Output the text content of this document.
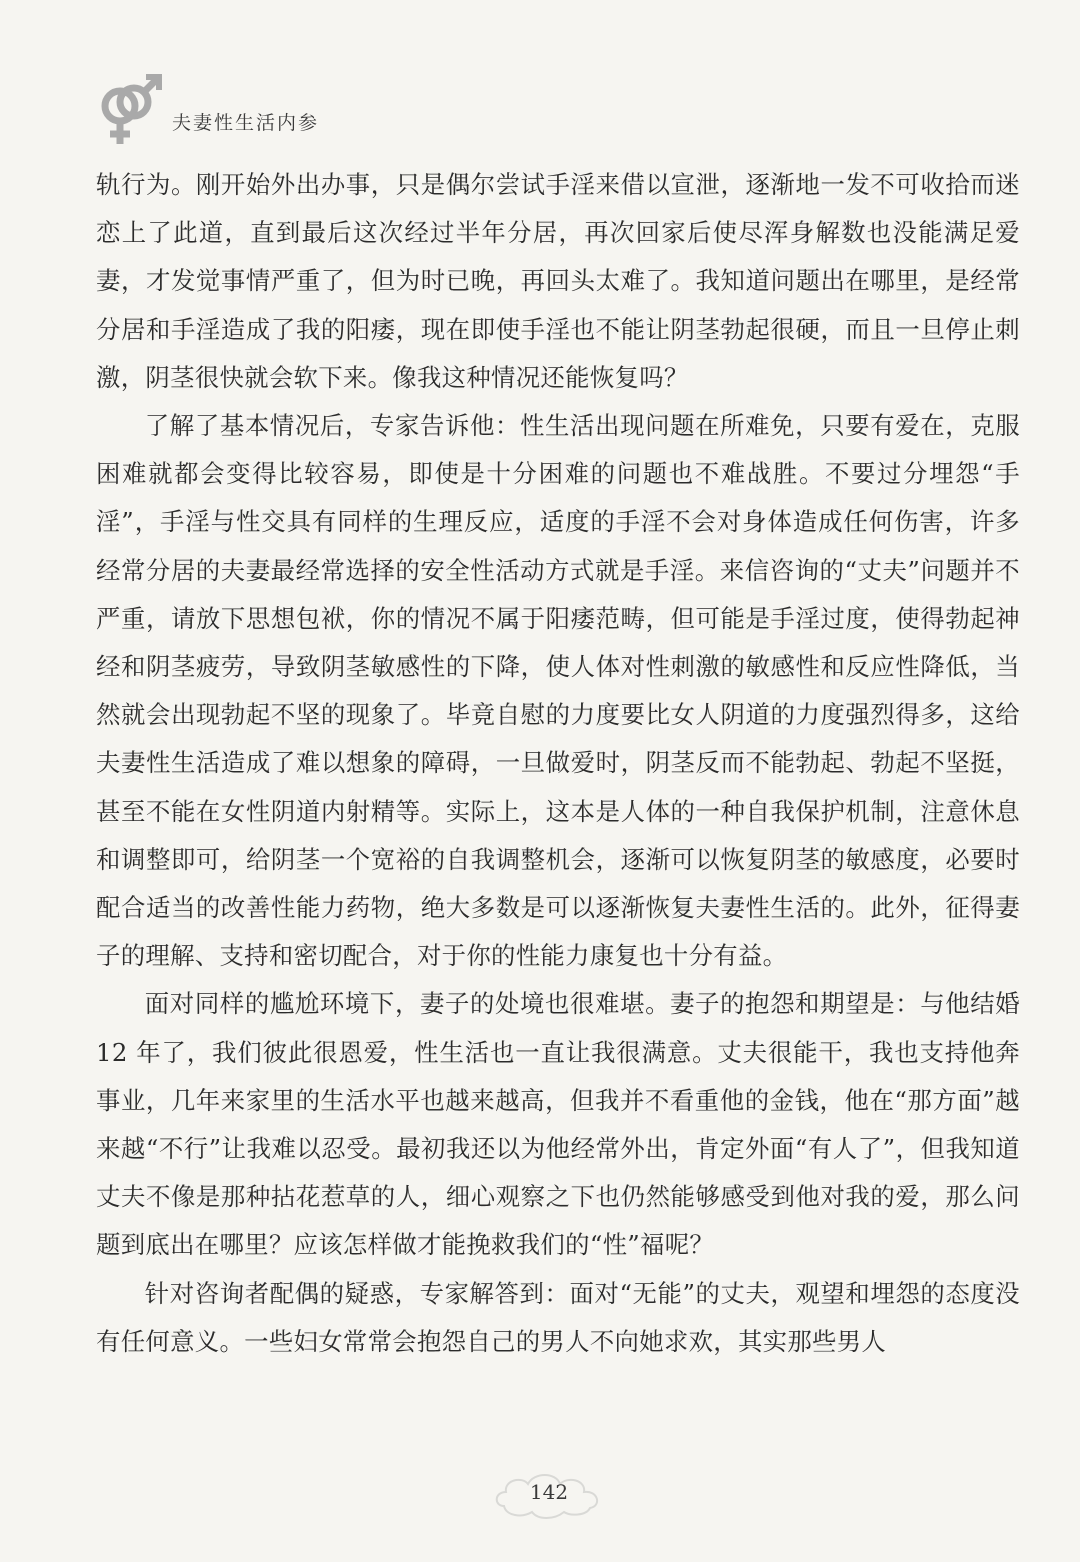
夫妻性生活内参

轨行为。刚开始外出办事，只是偶尔尝试手淫来借以宣泄，逐渐地一发不可收拾而迷恋上了此道，直到最后这次经过半年分居，再次回家后使尽浑身解数也没能满足爱妻，才发觉事情严重了，但为时已晚，再回头太难了。我知道问题出在哪里，是经常分居和手淫造成了我的阳痿，现在即使手淫也不能让阴茎勃起很硬，而且一旦停止刺激，阴茎很快就会软下来。像我这种情况还能恢复吗？

了解了基本情况后，专家告诉他：性生活出现问题在所难免，只要有爱在，克服困难就都会变得比较容易，即使是十分困难的问题也不难战胜。不要过分埋怨“手淫”，手淫与性交具有同样的生理反应，适度的手淫不会对身体造成任何伤害，许多经常分居的夫妻最经常选择的安全性活动方式就是手淫。来信咨询的“丈夫”问题并不严重，请放下思想包袱，你的情况不属于阳痿范畴，但可能是手淫过度，使得勃起神经和阴茎疲劳，导致阴茎敏感性的下降，使人体对性刺激的敏感性和反应性降低，当然就会出现勃起不坚的现象了。毕竟自慰的力度要比女人阴道的力度强烈得多，这给夫妻性生活造成了难以想象的障碍，一旦做爱时，阴茎反而不能勃起、勃起不坚挺，甚至不能在女性阴道内射精等。实际上，这本是人体的一种自我保护机制，注意休息和调整即可，给阴茎一个宽裕的自我调整机会，逐渐可以恢复阴茎的敏感度，必要时配合适当的改善性能力药物，绝大多数是可以逐渐恢复夫妻性生活的。此外，征得妻子的理解、支持和密切配合，对于你的性能力康复也十分有益。

面对同样的尴尬环境下，妻子的处境也很难堪。妻子的抱怨和期望是：与他结婚 12 年了，我们彼此很恩爱，性生活也一直让我很满意。丈夫很能干，我也支持他奔事业，几年来家里的生活水平也越来越高，但我并不看重他的金钱，他在“那方面”越来越“不行”让我难以忍受。最初我还以为他经常外出，肯定外面“有人了”，但我知道丈夫不像是那种拈花惹草的人，细心观察之下也仍然能够感受到他对我的爱，那么问题到底出在哪里？应该怎样做才能挽救我们的“性”福呢？

针对咨询者配偶的疑惑，专家解答到：面对“无能”的丈夫，观望和埋怨的态度没有任何意义。一些妇女常常会抱怨自己的男人不向她求欢，其实那些男人

142
